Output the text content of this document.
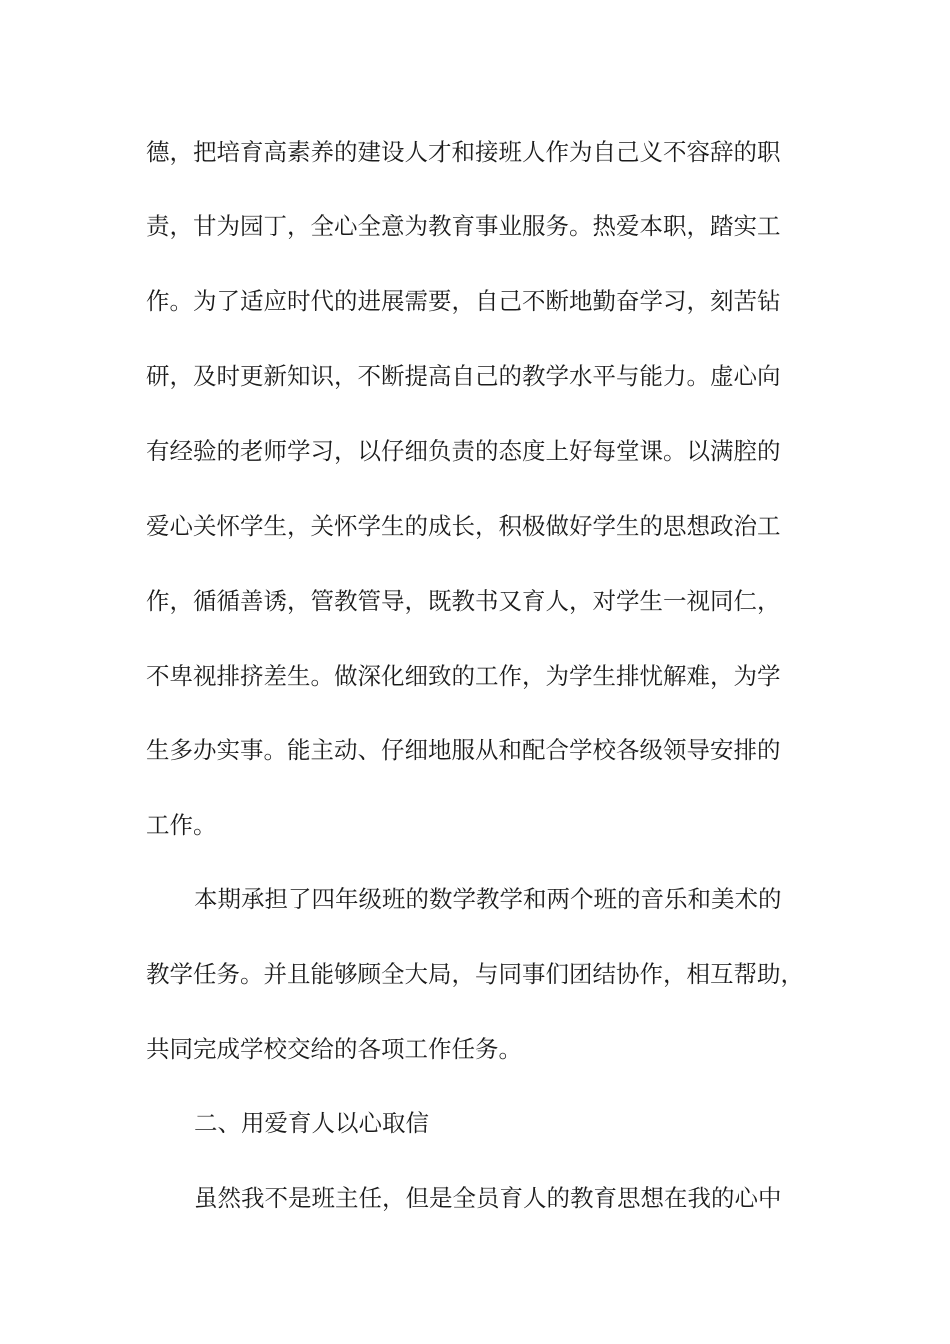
德，把培育高素养的建设人才和接班人作为自己义不容辞的职
责，甘为园丁，全心全意为教育事业服务。热爱本职，踏实工
作。为了适应时代的进展需要，自己不断地勤奋学习，刻苦钻
研，及时更新知识，不断提高自己的教学水平与能力。虚心向
有经验的老师学习，以仔细负责的态度上好每堂课。以满腔的
爱心关怀学生，关怀学生的成长，积极做好学生的思想政治工
作，循循善诱，管教管导，既教书又育人，对学生一视同仁，
不卑视排挤差生。做深化细致的工作，为学生排忧解难，为学
生多办实事。能主动、仔细地服从和配合学校各级领导安排的
工作。
本期承担了四年级班的数学教学和两个班的音乐和美术的
教学任务。并且能够顾全大局，与同事们团结协作，相互帮助，
共同完成学校交给的各项工作任务。
二、用爱育人以心取信
虽然我不是班主任，但是全员育人的教育思想在我的心中
